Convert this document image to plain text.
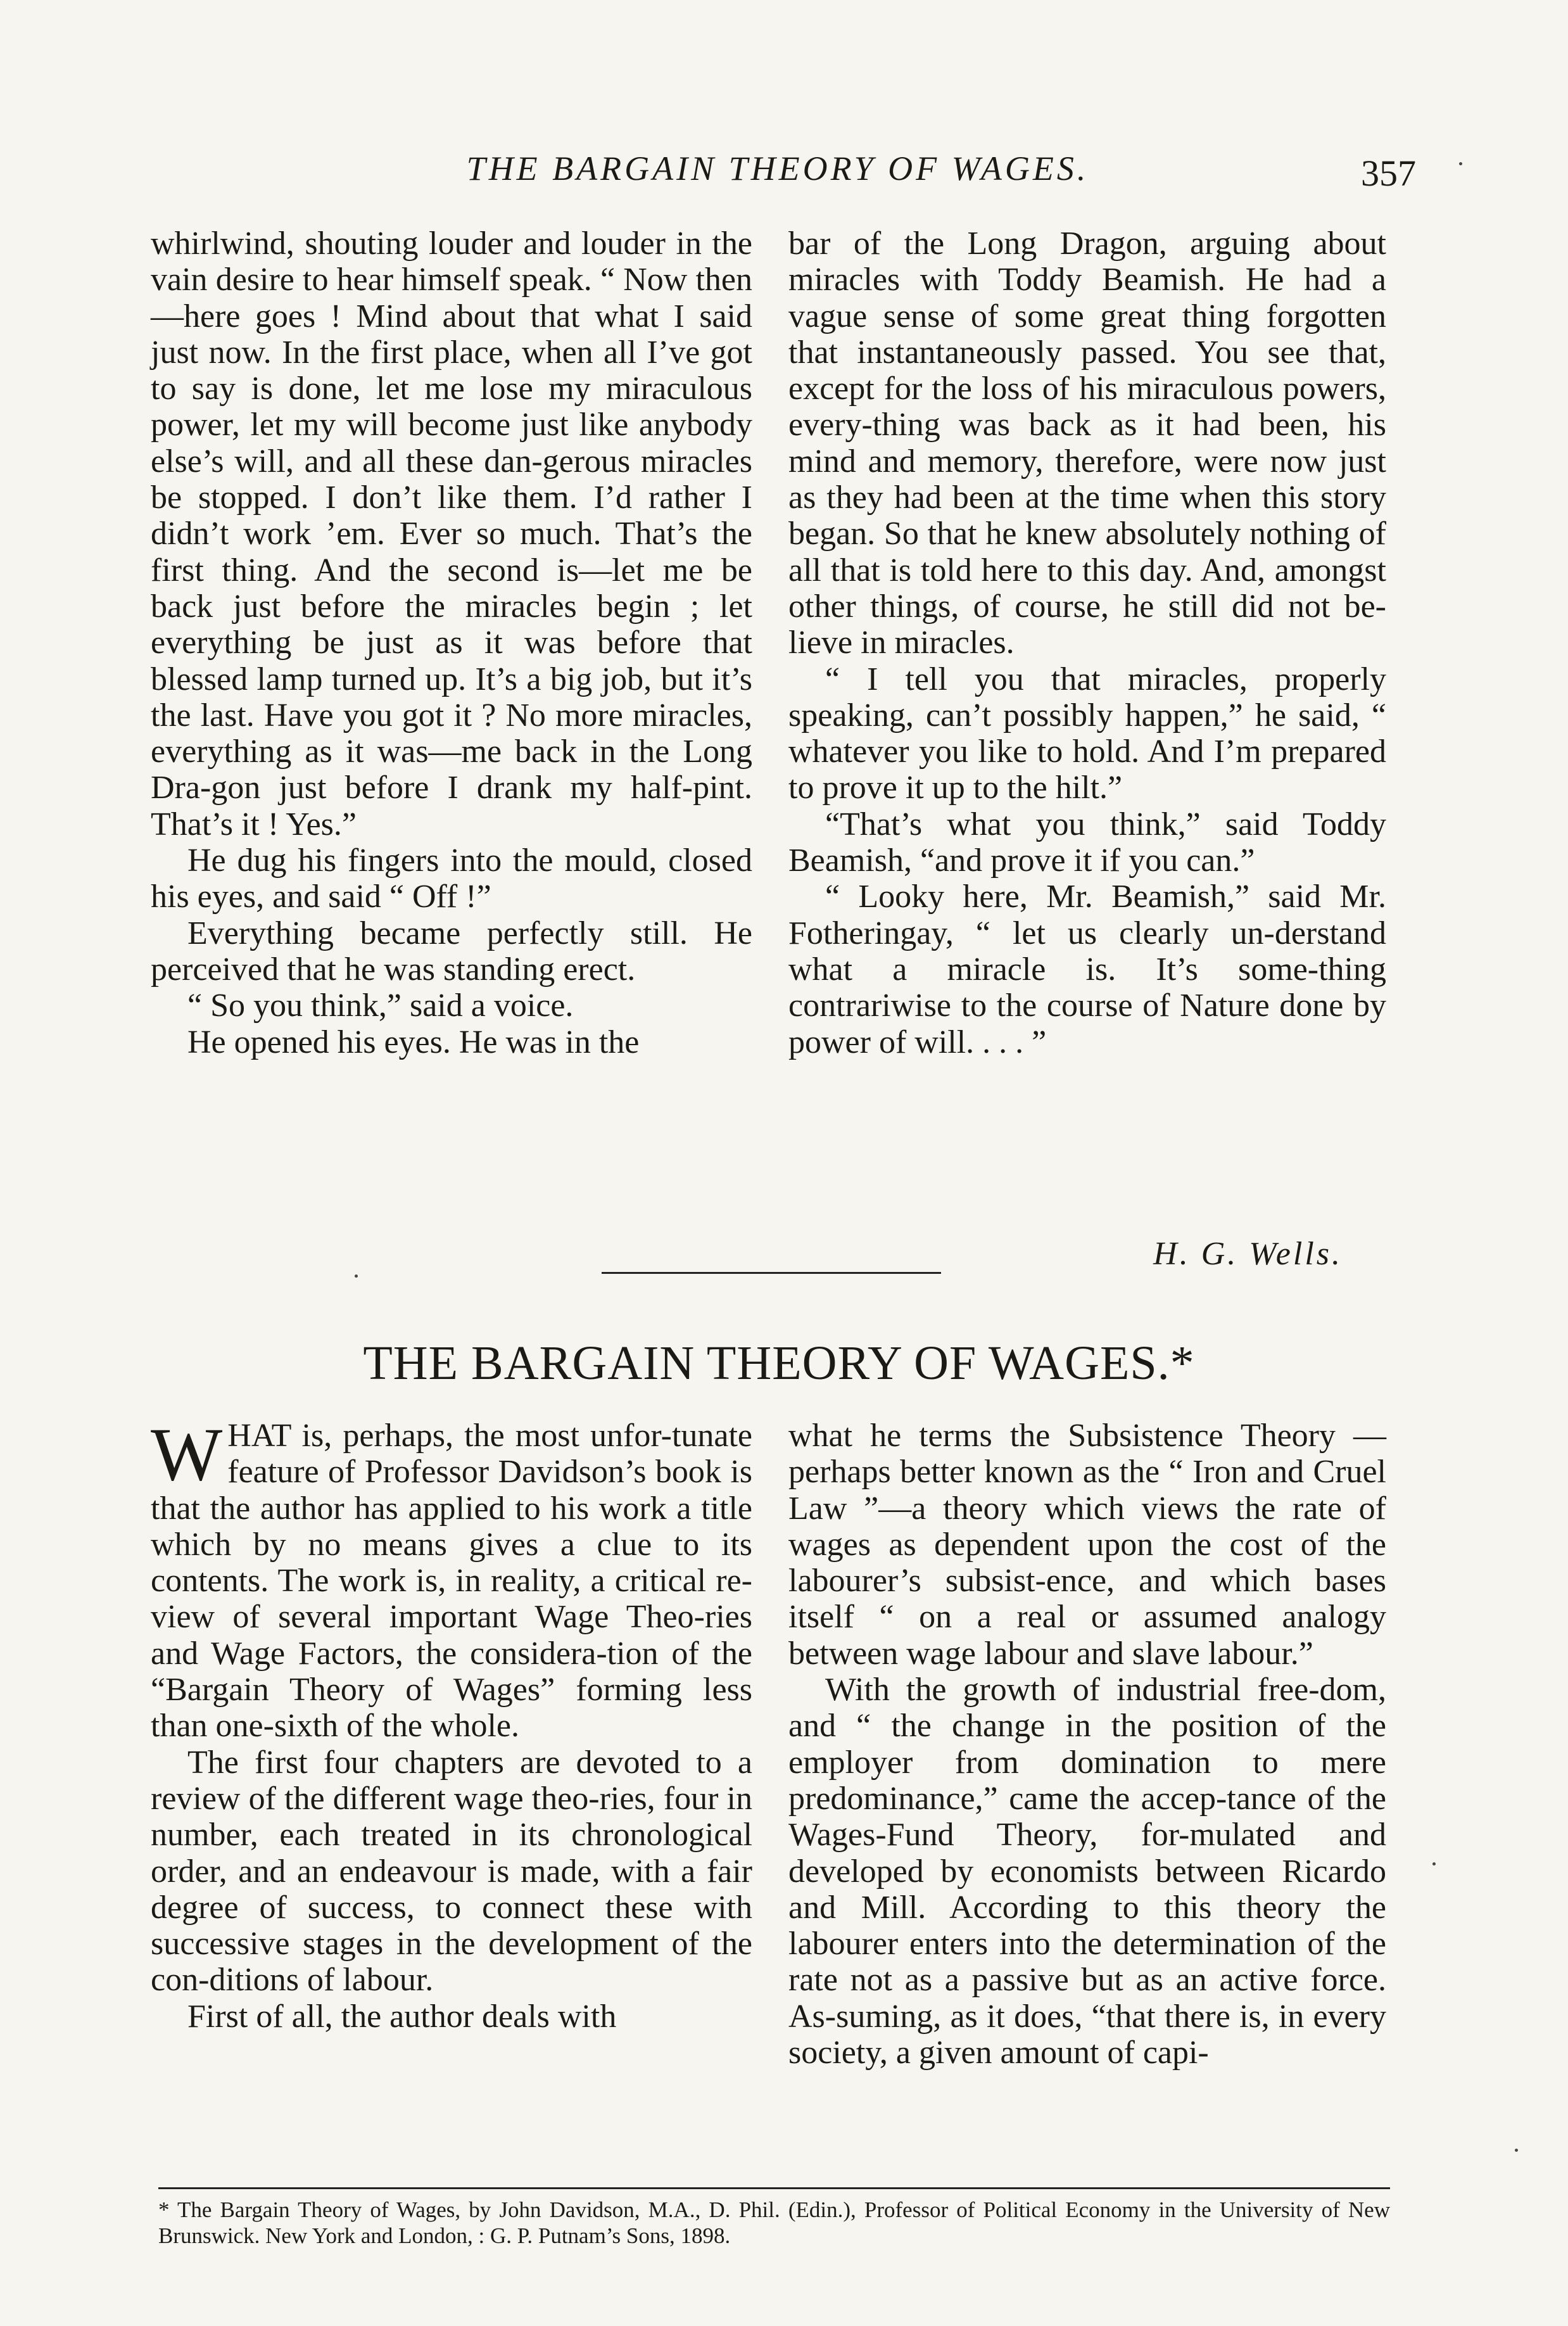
THE BARGAIN THEORY OF WAGES.	357

whirlwind, shouting louder and louder in the vain desire to hear himself speak. “ Now then—here goes ! Mind about that what I said just now. In the first place, when all I’ve got to say is done, let me lose my miraculous power, let my will become just like anybody else’s will, and all these dan-gerous miracles be stopped. I don’t like them. I’d rather I didn’t work ’em. Ever so much. That’s the first thing. And the second is—let me be back just before the miracles begin ; let everything be just as it was before that blessed lamp turned up. It’s a big job, but it’s the last. Have you got it ? No more miracles, everything as it was—me back in the Long Dra-gon just before I drank my half-pint. That’s it ! Yes.”

He dug his fingers into the mould, closed his eyes, and said “ Off !”

Everything became perfectly still. He perceived that he was standing erect.

“ So you think,” said a voice.

He opened his eyes. He was in the

bar of the Long Dragon, arguing about miracles with Toddy Beamish. He had a vague sense of some great thing forgotten that instantaneously passed. You see that, except for the loss of his miraculous powers, every-thing was back as it had been, his mind and memory, therefore, were now just as they had been at the time when this story began. So that he knew absolutely nothing of all that is told here to this day. And, amongst other things, of course, he still did not be-lieve in miracles.

“ I tell you that miracles, properly speaking, can’t possibly happen,” he said, “ whatever you like to hold. And I’m prepared to prove it up to the hilt.”

“That’s what you think,” said Toddy Beamish, “and prove it if you can.”

“ Looky here, Mr. Beamish,” said Mr. Fotheringay, “ let us clearly un-derstand what a miracle is. It’s some-thing contrariwise to the course of Nature done by power of will. . . . ”

H. G. Wells.
THE BARGAIN THEORY OF WAGES.*

WHAT is, perhaps, the most unfor-tunate feature of Professor Davidson’s book is that the author has applied to his work a title which by no means gives a clue to its contents. The work is, in reality, a critical re-view of several important Wage Theo-ries and Wage Factors, the considera-tion of the “Bargain Theory of Wages” forming less than one-sixth of the whole.

The first four chapters are devoted to a review of the different wage theo-ries, four in number, each treated in its chronological order, and an endeavour is made, with a fair degree of success, to connect these with successive stages in the development of the con-ditions of labour.

First of all, the author deals with

what he terms the Subsistence Theory —perhaps better known as the “ Iron and Cruel Law ”—a theory which views the rate of wages as dependent upon the cost of the labourer’s subsist-ence, and which bases itself “ on a real or assumed analogy between wage labour and slave labour.”

With the growth of industrial free-dom, and “ the change in the position of the employer from domination to mere predominance,” came the accep-tance of the Wages-Fund Theory, for-mulated and developed by economists between Ricardo and Mill. According to this theory the labourer enters into the determination of the rate not as a passive but as an active force. As-suming, as it does, “that there is, in every society, a given amount of capi-

* The Bargain Theory of Wages, by John Davidson, M.A., D. Phil. (Edin.), Professor of Political Economy in the University of New Brunswick. New York and London, : G. P. Putnam’s Sons, 1898.
